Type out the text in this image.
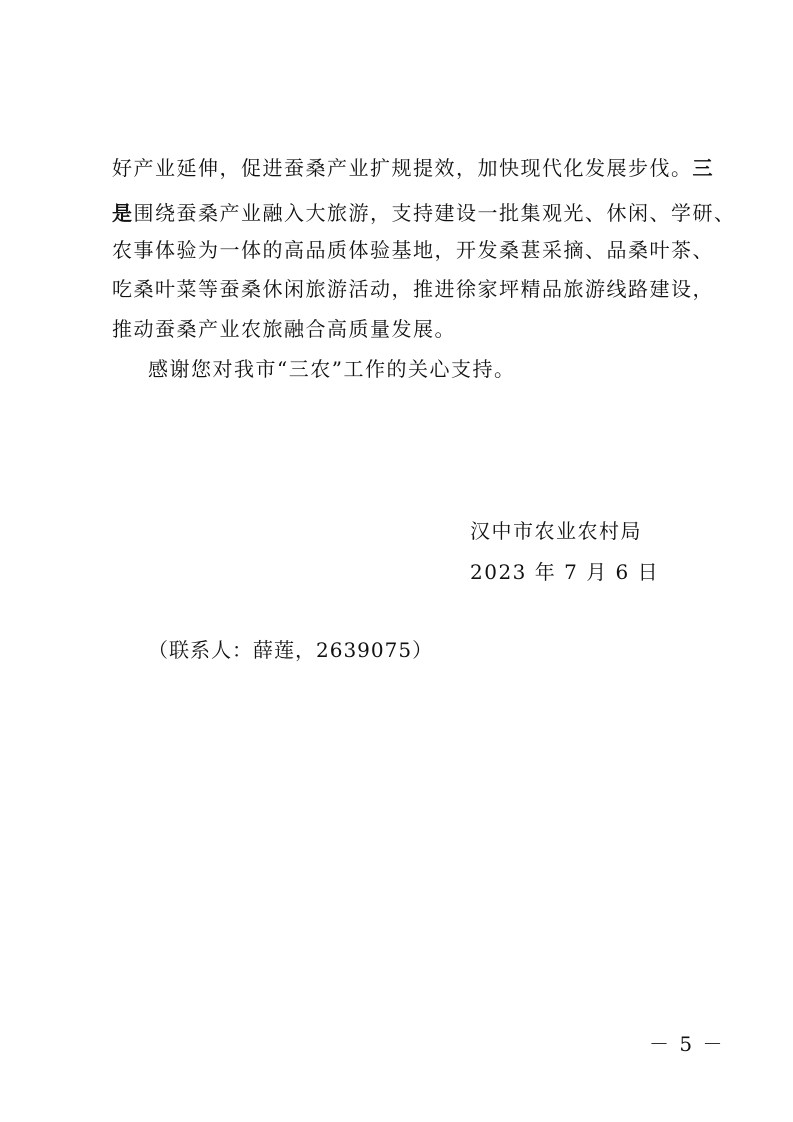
好产业延伸，促进蚕桑产业扩规提效，加快现代化发展步伐。三
是围绕蚕桑产业融入大旅游，支持建设一批集观光、休闲、学研、
农事体验为一体的高品质体验基地，开发桑葚采摘、品桑叶茶、
吃桑叶菜等蚕桑休闲旅游活动，推进徐家坪精品旅游线路建设，
推动蚕桑产业农旅融合高质量发展。
感谢您对我市“三农”工作的关心支持。
汉中市农业农村局
2023 年 7 月 6 日
（联系人：薛莲，2639075）
－ 5 －
